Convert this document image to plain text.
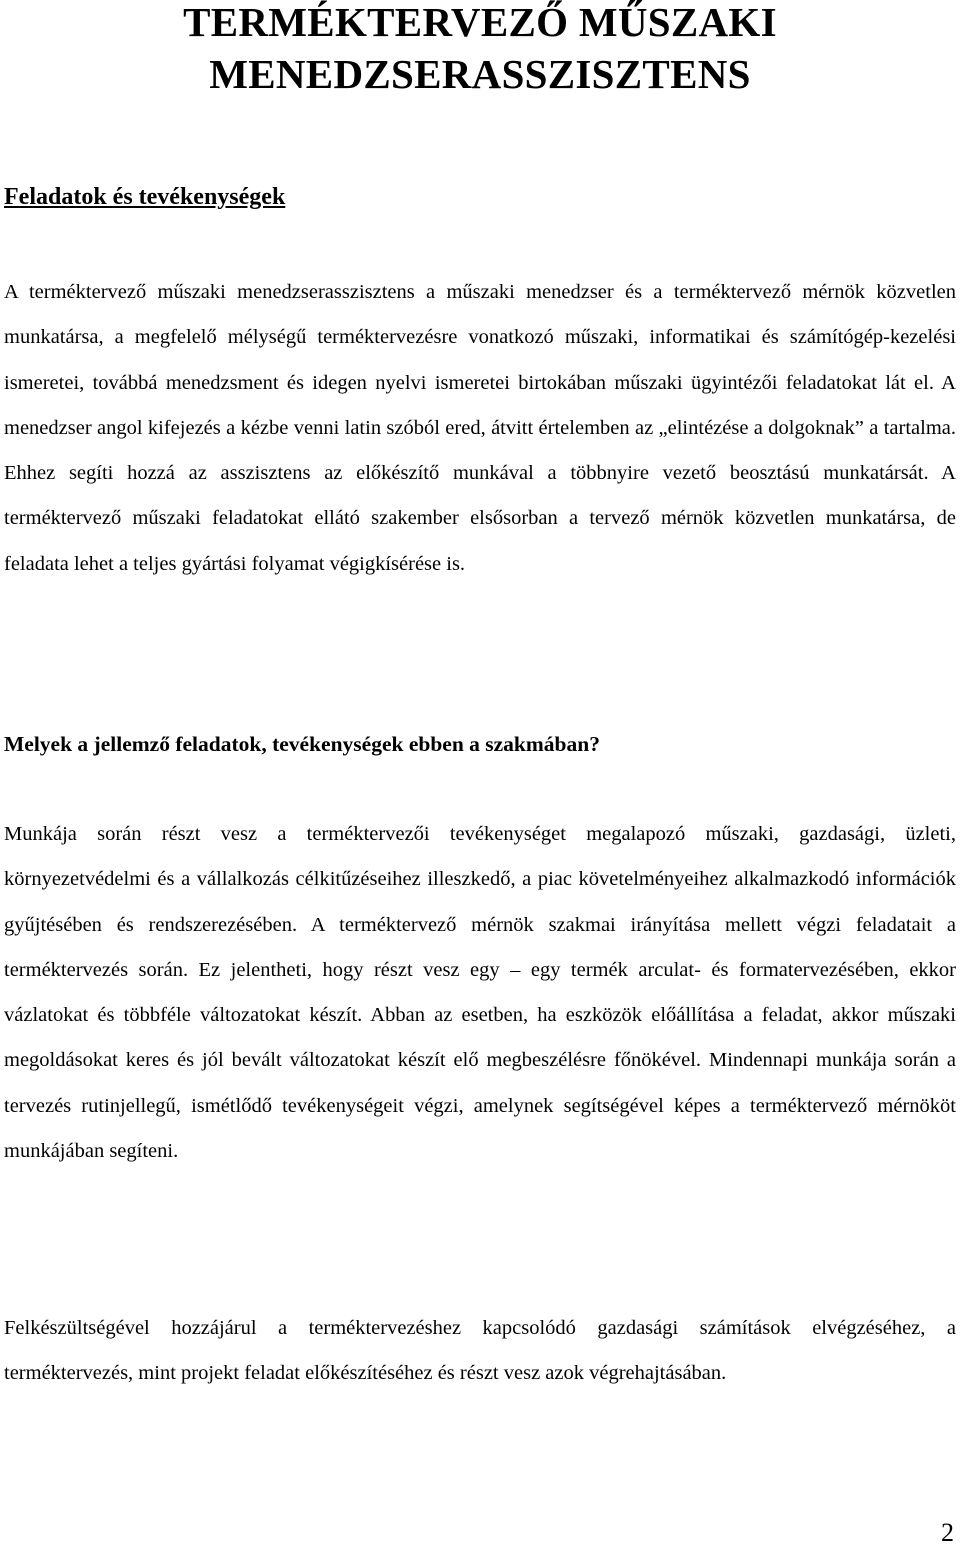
TERMÉKTERVEZŐ MŰSZAKI
MENEDZSERASSZISZTENS
Feladatok és tevékenységek

A terméktervező műszaki menedzserasszisztens a műszaki menedzser és a terméktervező mérnök közvetlen munkatársa, a megfelelő mélységű terméktervezésre vonatkozó műszaki, informatikai és számítógép-kezelési ismeretei, továbbá menedzsment és idegen nyelvi ismeretei birtokában műszaki ügyintézői feladatokat lát el. A menedzser angol kifejezés a kézbe venni latin szóból ered, átvitt értelemben az „elintézése a dolgoknak” a tartalma. Ehhez segíti hozzá az asszisztens az előkészítő munkával a többnyire vezető beosztású munkatársát. A terméktervező műszaki feladatokat ellátó szakember elsősorban a tervező mérnök közvetlen munkatársa, de feladata lehet a teljes gyártási folyamat végigkísérése is.

Melyek a jellemző feladatok, tevékenységek ebben a szakmában?

Munkája során részt vesz a terméktervezői tevékenységet megalapozó műszaki, gazdasági, üzleti, környezetvédelmi és a vállalkozás célkitűzéseihez illeszkedő, a piac követelményeihez alkalmazkodó információk gyűjtésében és rendszerezésében. A terméktervező mérnök szakmai irányítása mellett végzi feladatait a terméktervezés során. Ez jelentheti, hogy részt vesz egy – egy termék arculat- és formatervezésében, ekkor vázlatokat és többféle változatokat készít. Abban az esetben, ha eszközök előállítása a feladat, akkor műszaki megoldásokat keres és jól bevált változatokat készít elő megbeszélésre főnökével. Mindennapi munkája során a tervezés rutinjellegű, ismétlődő tevékenységeit végzi, amelynek segítségével képes a terméktervező mérnököt munkájában segíteni.

Felkészültségével hozzájárul a terméktervezéshez kapcsolódó gazdasági számítások elvégzéséhez, a terméktervezés, mint projekt feladat előkészítéséhez és részt vesz azok végrehajtásában.

2
